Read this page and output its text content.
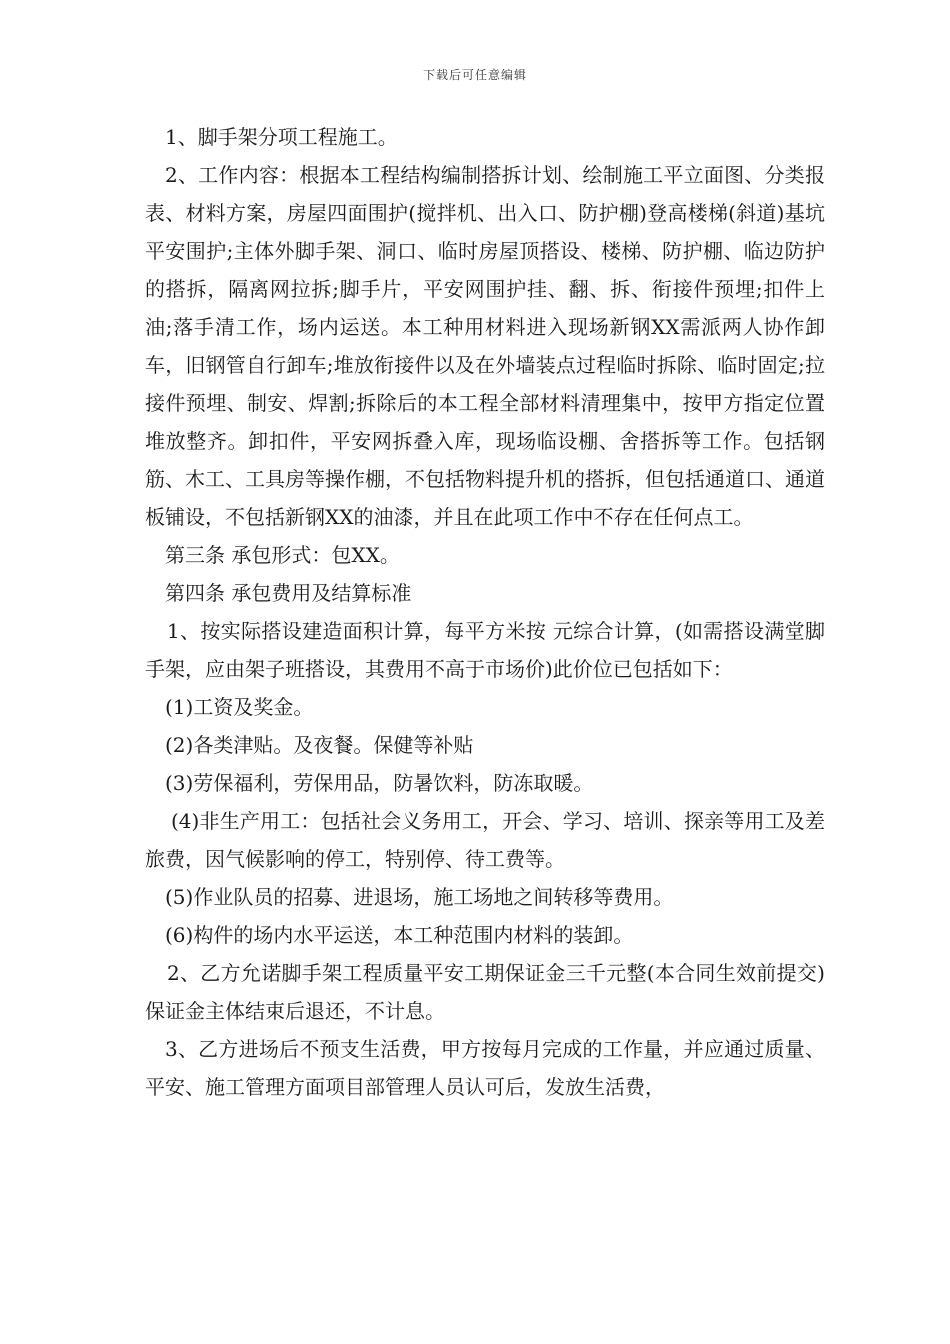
下载后可任意编辑

1、脚手架分项工程施工。

2、工作内容：根据本工程结构编制搭拆计划、绘制施工平立面图、分类报表、材料方案，房屋四面围护(搅拌机、出入口、防护棚)登高楼梯(斜道)基坑平安围护;主体外脚手架、洞口、临时房屋顶搭设、楼梯、防护棚、临边防护的搭拆，隔离网拉拆;脚手片，平安网围护挂、翻、拆、衔接件预埋;扣件上油;落手清工作，场内运送。本工种用材料进入现场新钢XX需派两人协作卸车，旧钢管自行卸车;堆放衔接件以及在外墙装点过程临时拆除、临时固定;拉接件预埋、制安、焊割;拆除后的本工程全部材料清理集中，按甲方指定位置堆放整齐。卸扣件，平安网拆叠入库，现场临设棚、舍搭拆等工作。包括钢筋、木工、工具房等操作棚，不包括物料提升机的搭拆，但包括通道口、通道板铺设，不包括新钢XX的油漆，并且在此项工作中不存在任何点工。

第三条 承包形式：包XX。

第四条 承包费用及结算标准

1、按实际搭设建造面积计算，每平方米按 元综合计算，(如需搭设满堂脚手架，应由架子班搭设，其费用不高于市场价)此价位已包括如下：

(1)工资及奖金。

(2)各类津贴。及夜餐。保健等补贴

(3)劳保福利，劳保用品，防暑饮料，防冻取暖。

(4)非生产用工：包括社会义务用工，开会、学习、培训、探亲等用工及差旅费，因气候影响的停工，特别停、待工费等。

(5)作业队员的招募、进退场，施工场地之间转移等费用。

(6)构件的场内水平运送，本工种范围内材料的装卸。

2、乙方允诺脚手架工程质量平安工期保证金三千元整(本合同生效前提交)保证金主体结束后退还，不计息。

3、乙方进场后不预支生活费，甲方按每月完成的工作量，并应通过质量、平安、施工管理方面项目部管理人员认可后，发放生活费，
